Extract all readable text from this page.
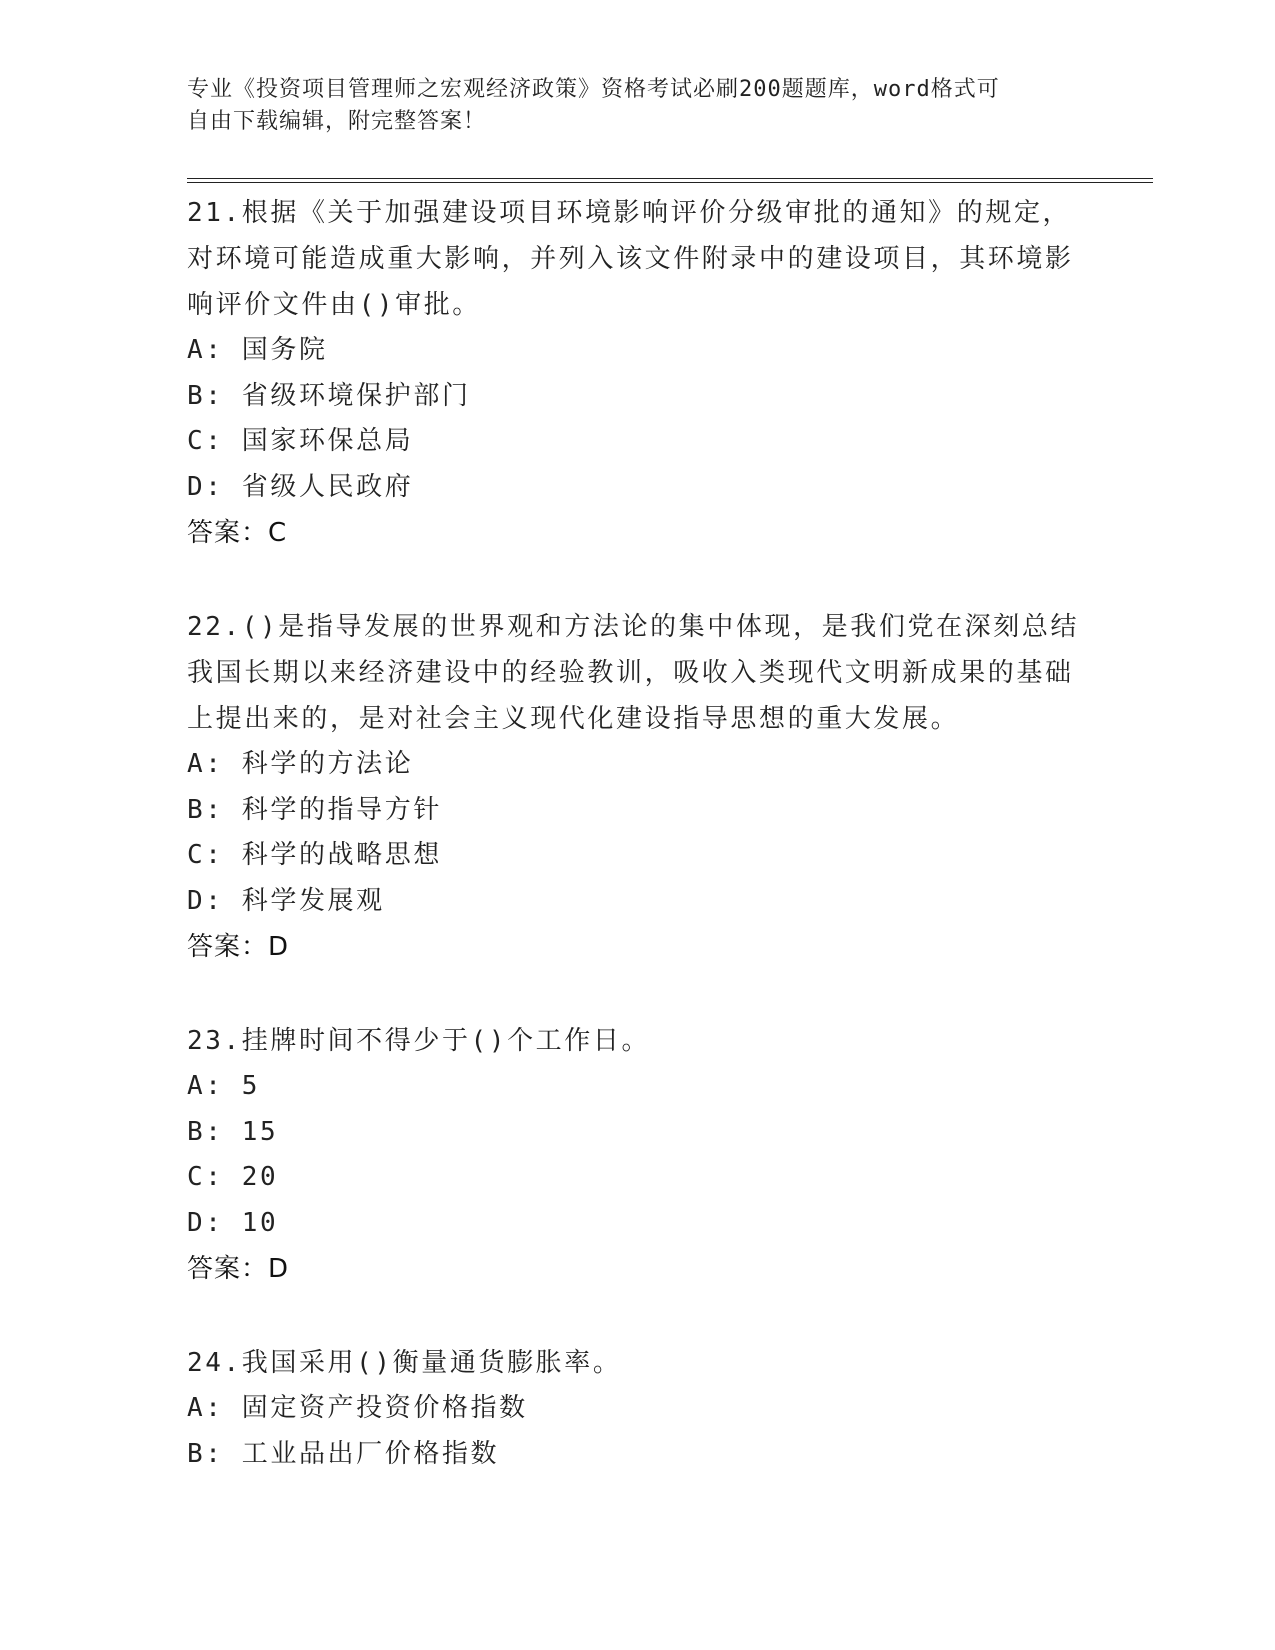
专业《投资项目管理师之宏观经济政策》资格考试必刷200题题库，word格式可
自由下载编辑，附完整答案！

21.根据《关于加强建设项目环境影响评价分级审批的通知》的规定，对环境可能造成重大影响，并列入该文件附录中的建设项目，其环境影响评价文件由()审批。

A: 国务院

B: 省级环境保护部门

C: 国家环保总局

D: 省级人民政府

答案：C

22.()是指导发展的世界观和方法论的集中体现，是我们党在深刻总结我国长期以来经济建设中的经验教训，吸收入类现代文明新成果的基础上提出来的，是对社会主义现代化建设指导思想的重大发展。

A: 科学的方法论

B: 科学的指导方针

C: 科学的战略思想

D: 科学发展观

答案：D

23.挂牌时间不得少于()个工作日。

A: 5

B: 15

C: 20

D: 10

答案：D

24.我国采用()衡量通货膨胀率。

A: 固定资产投资价格指数

B: 工业品出厂价格指数
